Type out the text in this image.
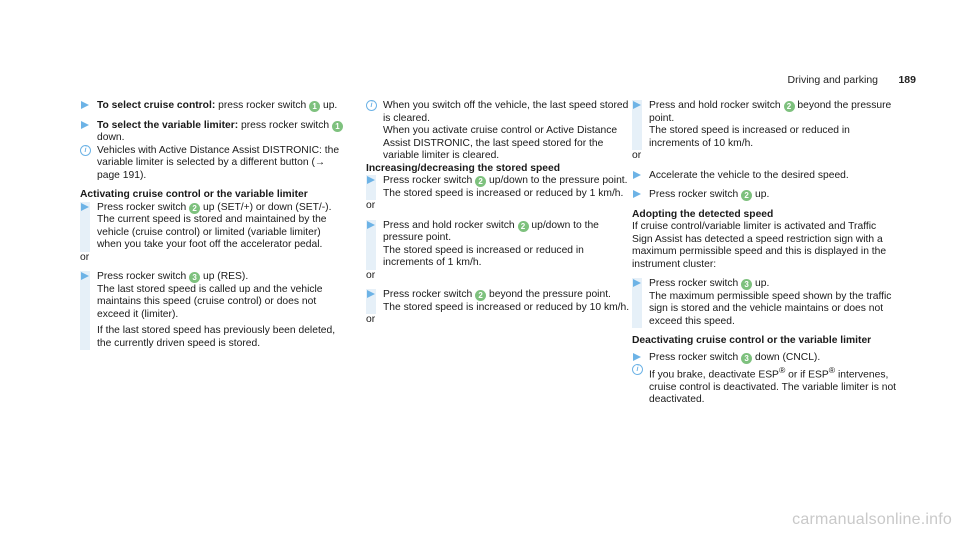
Driving and parking 189
To select cruise control: press rocker switch 1 up.
To select the variable limiter: press rocker switch 1 down.
i	Vehicles with Active Distance Assist DISTRONIC: the variable limiter is selected by a different button (→ page 191).
Activating cruise control or the variable limiter
Press rocker switch 2 up (SET/+) or down (SET/-).
The current speed is stored and maintained by the vehicle (cruise control) or limited (variable limiter) when you take your foot off the accelerator pedal.
or
Press rocker switch 3 up (RES).
The last stored speed is called up and the vehicle maintains this speed (cruise control) or does not exceed it (limiter).
If the last stored speed has previously been deleted, the currently driven speed is stored.
i	When you switch off the vehicle, the last speed stored is cleared.
When you activate cruise control or Active Distance Assist DISTRONIC, the last speed stored for the variable limiter is cleared.
Increasing/decreasing the stored speed
Press rocker switch 2 up/down to the pressure point.
The stored speed is increased or reduced by 1 km/h.
or
Press and hold rocker switch 2 up/down to the pressure point.
The stored speed is increased or reduced in increments of 1 km/h.
or
Press rocker switch 2 beyond the pressure point.
The stored speed is increased or reduced by 10 km/h.
or
Press and hold rocker switch 2 beyond the pressure point.
The stored speed is increased or reduced in increments of 10 km/h.
or
Accelerate the vehicle to the desired speed.
Press rocker switch 2 up.
Adopting the detected speed
If cruise control/variable limiter is activated and Traffic Sign Assist has detected a speed restriction sign with a maximum permissible speed and this is displayed in the instrument cluster:
Press rocker switch 3 up.
The maximum permissible speed shown by the traffic sign is stored and the vehicle maintains or does not exceed this speed.
Deactivating cruise control or the variable limiter
Press rocker switch 3 down (CNCL).
i	If you brake, deactivate ESP® or if ESP® intervenes, cruise control is deactivated. The variable limiter is not deactivated.
carmanualsonline.info
